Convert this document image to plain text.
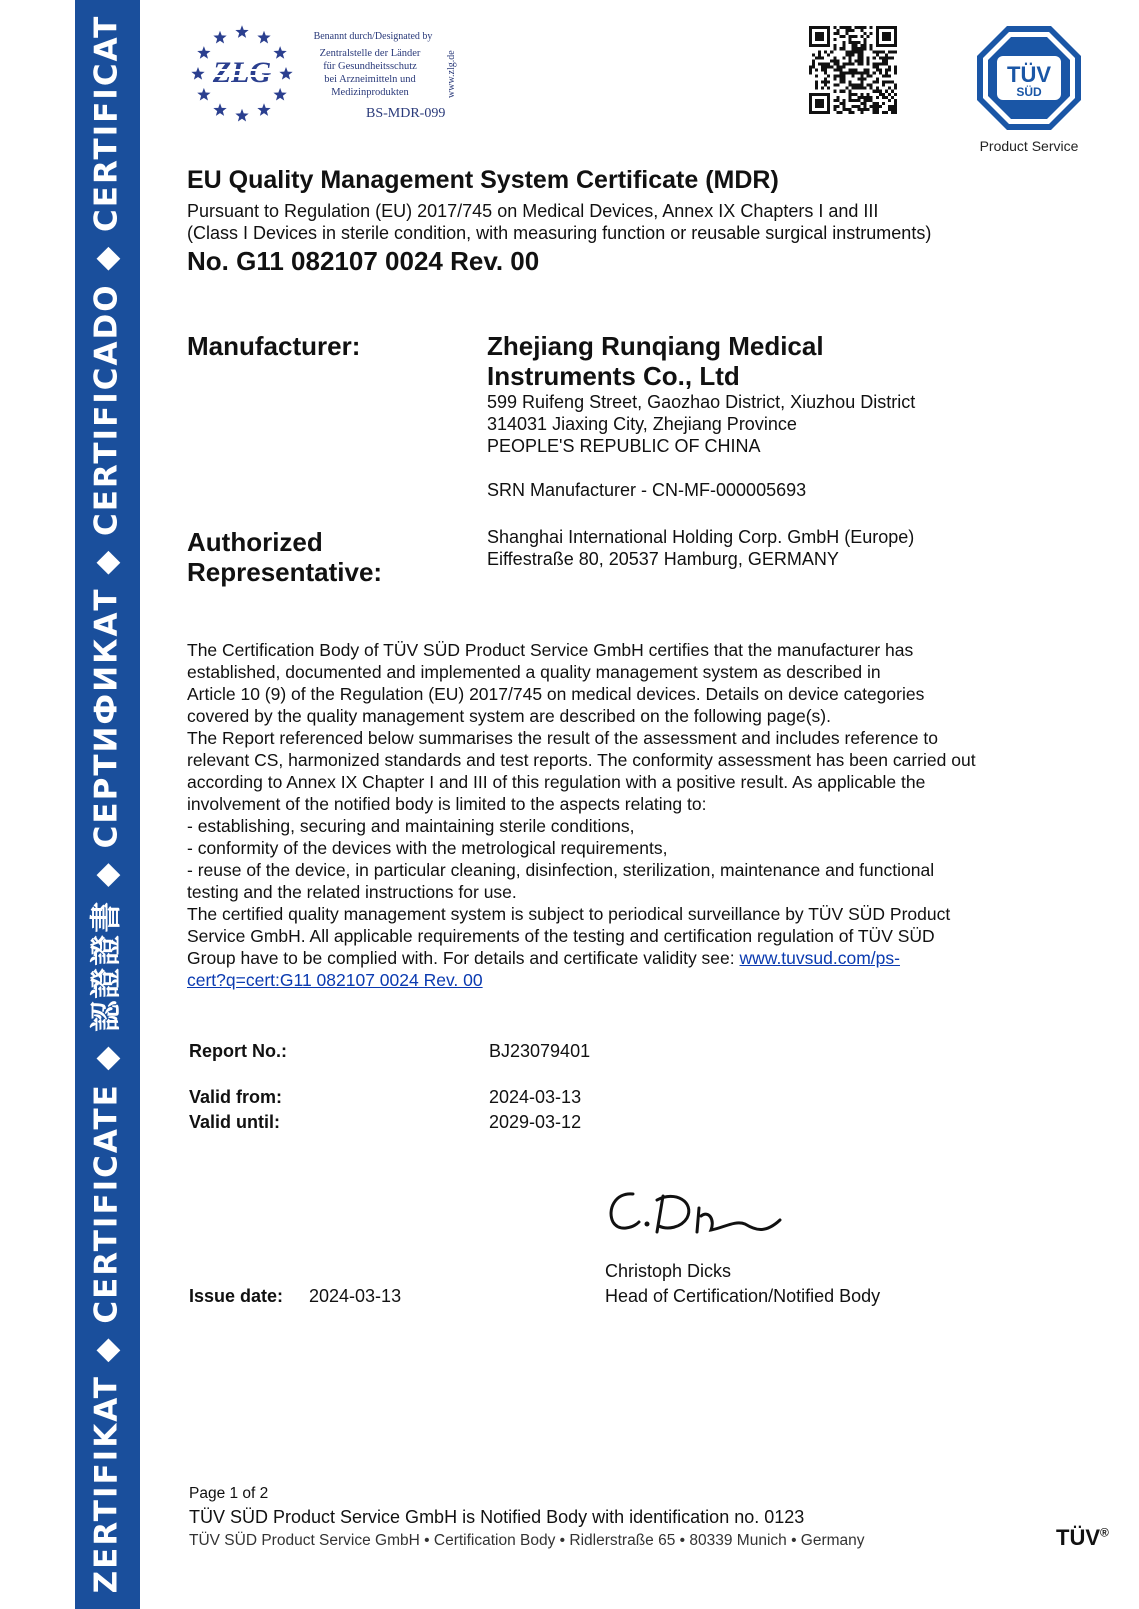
ZERTIFIKAT ◆ CERTIFICATE ◆ 認證證書 ◆ СЕРТИФИКАТ ◆ CERTIFICADO ◆ CERTIFICAT	ZLG
Benannt durch/Designated by
Zentralstelle der Länder
für Gesundheitsschutz
bei Arzneimitteln und
Medizinprodukten	www.zlg.de
BS-MDR-099
TÜV
SÜD
Product Service
EU Quality Management System Certificate (MDR)
Pursuant to Regulation (EU) 2017/745 on Medical Devices, Annex IX Chapters I and III
(Class I Devices in sterile condition, with measuring function or reusable surgical instruments)
No. G11 082107 0024 Rev. 00
Manufacturer:	Zhejiang Runqiang Medical
Instruments Co., Ltd
599 Ruifeng Street, Gaozhao District, Xiuzhou District
314031 Jiaxing City, Zhejiang Province
PEOPLE'S REPUBLIC OF CHINA
SRN Manufacturer - CN-MF-000005693
Authorized
Representative:
Shanghai International Holding Corp. GmbH (Europe)
Eiffestraße 80, 20537 Hamburg, GERMANY
The Certification Body of TÜV SÜD Product Service GmbH certifies that the manufacturer has
established, documented and implemented a quality management system as described in
Article 10 (9) of the Regulation (EU) 2017/745 on medical devices. Details on device categories
covered by the quality management system are described on the following page(s).
The Report referenced below summarises the result of the assessment and includes reference to
relevant CS, harmonized standards and test reports. The conformity assessment has been carried out
according to Annex IX Chapter I and III of this regulation with a positive result. As applicable the
involvement of the notified body is limited to the aspects relating to:
- establishing, securing and maintaining sterile conditions,
- conformity of the devices with the metrological requirements,
- reuse of the device, in particular cleaning, disinfection, sterilization, maintenance and functional
testing and the related instructions for use.
The certified quality management system is subject to periodical surveillance by TÜV SÜD Product
Service GmbH. All applicable requirements of the testing and certification regulation of TÜV SÜD
Group have to be complied with. For details and certificate validity see: www.tuvsud.com/ps-
cert?q=cert:G11 082107 0024 Rev. 00
Report No.:	BJ23079401
Valid from:	2024-03-13
Valid until:	2029-03-12
Christoph Dicks
Head of Certification/Notified Body
Issue date: 2024-03-13
Page 1 of 2
TÜV SÜD Product Service GmbH is Notified Body with identification no. 0123
TÜV SÜD Product Service GmbH • Certification Body • Ridlerstraße 65 • 80339 Munich • Germany	TÜV®
